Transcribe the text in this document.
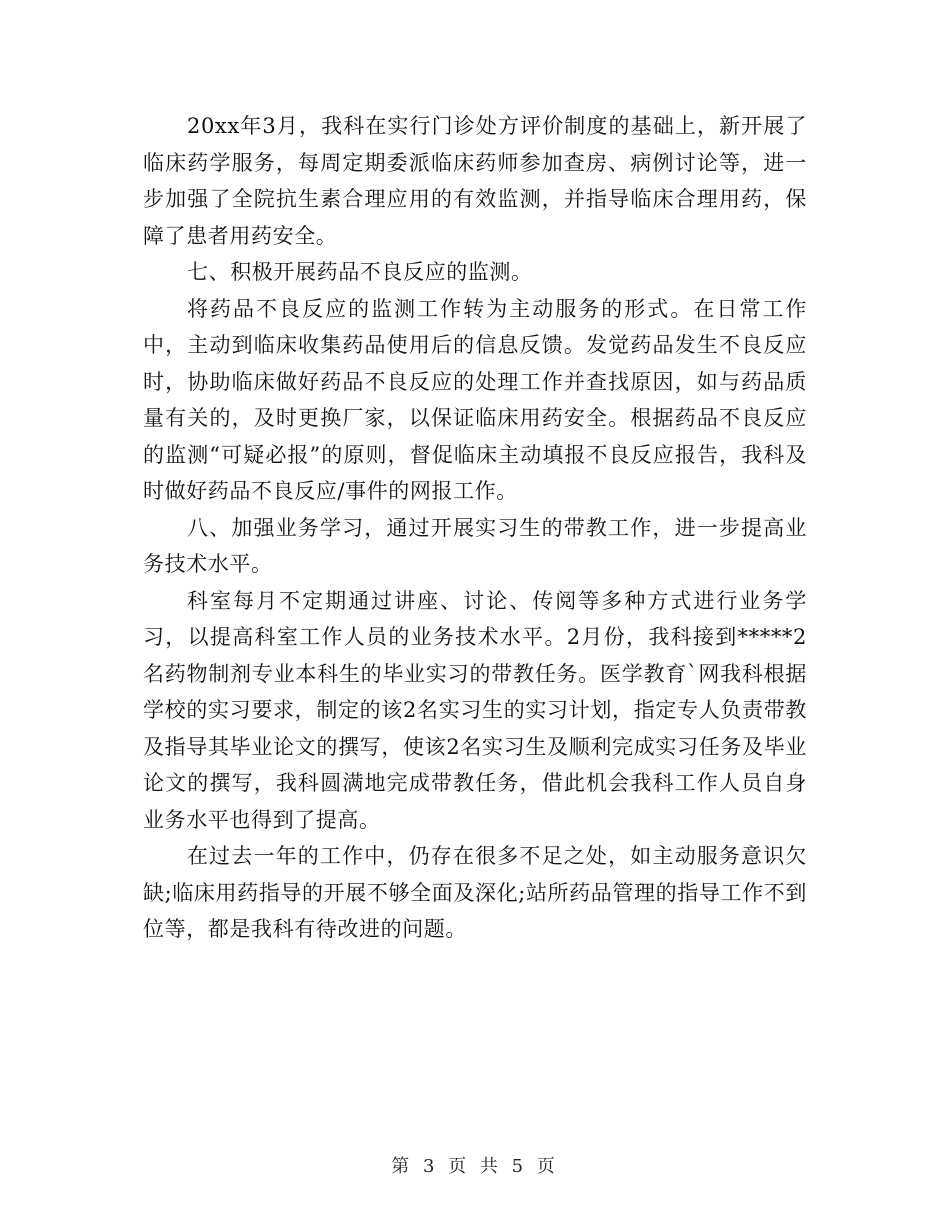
20xx年3月，我科在实行门诊处方评价制度的基础上，新开展了临床药学服务，每周定期委派临床药师参加查房、病例讨论等，进一步加强了全院抗生素合理应用的有效监测，并指导临床合理用药，保障了患者用药安全。

七、积极开展药品不良反应的监测。

将药品不良反应的监测工作转为主动服务的形式。在日常工作中，主动到临床收集药品使用后的信息反馈。发觉药品发生不良反应时，协助临床做好药品不良反应的处理工作并查找原因，如与药品质量有关的，及时更换厂家，以保证临床用药安全。根据药品不良反应的监测“可疑必报”的原则，督促临床主动填报不良反应报告，我科及时做好药品不良反应/事件的网报工作。

八、加强业务学习，通过开展实习生的带教工作，进一步提高业务技术水平。

科室每月不定期通过讲座、讨论、传阅等多种方式进行业务学习，以提高科室工作人员的业务技术水平。2月份，我科接到*****2名药物制剂专业本科生的毕业实习的带教任务。医学教育`网我科根据学校的实习要求，制定的该2名实习生的实习计划，指定专人负责带教及指导其毕业论文的撰写，使该2名实习生及顺利完成实习任务及毕业论文的撰写，我科圆满地完成带教任务，借此机会我科工作人员自身业务水平也得到了提高。

在过去一年的工作中，仍存在很多不足之处，如主动服务意识欠缺;临床用药指导的开展不够全面及深化;站所药品管理的指导工作不到位等，都是我科有待改进的问题。

第 3 页 共 5 页
